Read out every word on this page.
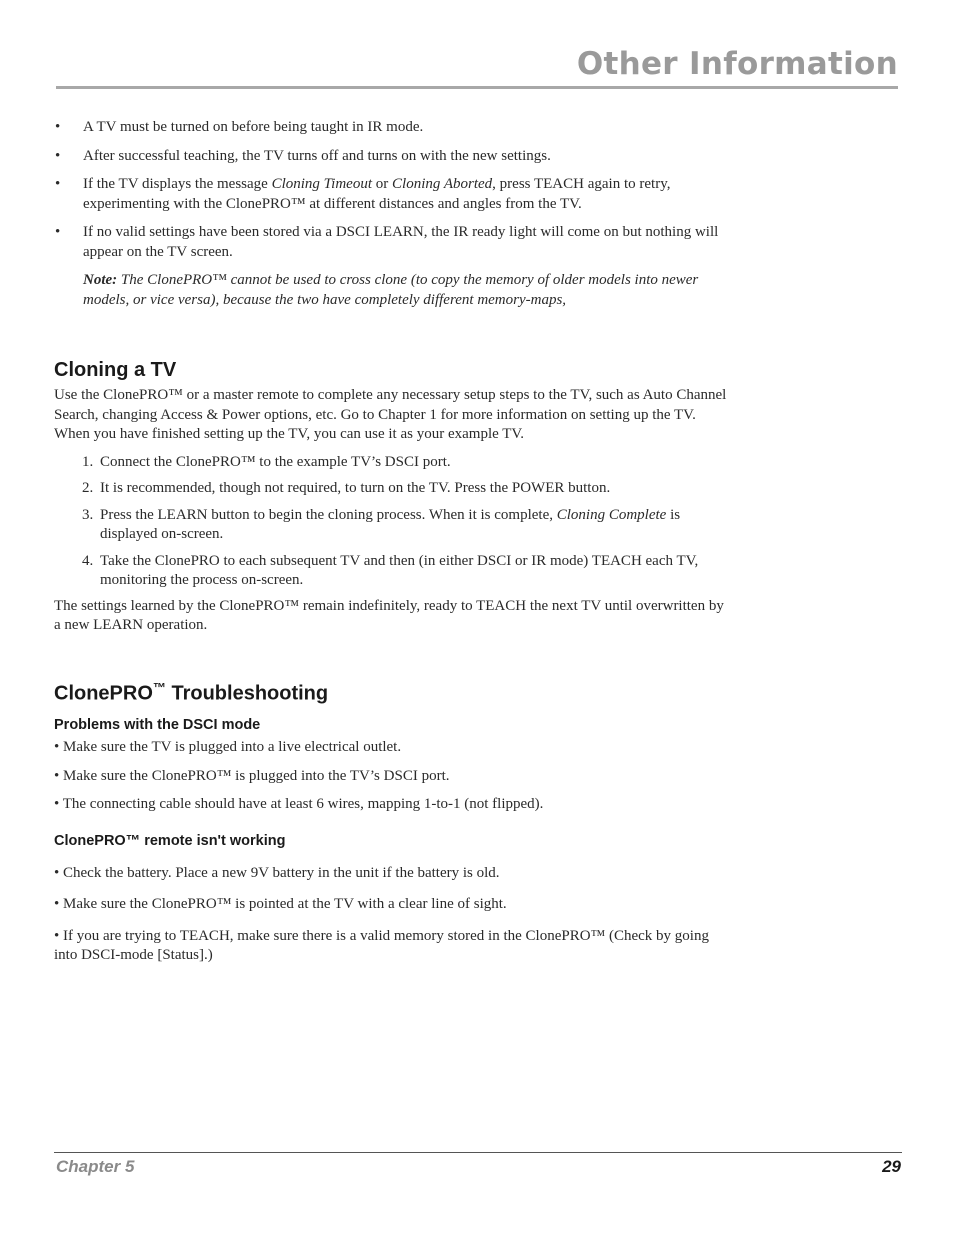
Other Information
• A TV must be turned on before being taught in IR mode.
• After successful teaching, the TV turns off and turns on with the new settings.
• If the TV displays the message Cloning Timeout or Cloning Aborted, press TEACH again to retry, experimenting with the ClonePRO™ at different distances and angles from the TV.
• If no valid settings have been stored via a DSCI LEARN, the IR ready light will come on but nothing will appear on the TV screen.
Note: The ClonePRO™ cannot be used to cross clone (to copy the memory of older models into newer models, or vice versa), because the two have completely different memory-maps,
Cloning a TV

Use the ClonePRO™ or a master remote to complete any necessary setup steps to the TV, such as Auto Channel Search, changing Access & Power options, etc. Go to Chapter 1 for more information on setting up the TV. When you have finished setting up the TV, you can use it as your example TV.

1. Connect the ClonePRO™ to the example TV’s DSCI port.
2. It is recommended, though not required, to turn on the TV. Press the POWER button.
3. Press the LEARN button to begin the cloning process. When it is complete, Cloning Complete is displayed on-screen.
4. Take the ClonePRO to each subsequent TV and then (in either DSCI or IR mode) TEACH each TV, monitoring the process on-screen.

The settings learned by the ClonePRO™ remain indefinitely, ready to TEACH the next TV until overwritten by a new LEARN operation.

ClonePRO™ Troubleshooting
Problems with the DSCI mode

• Make sure the TV is plugged into a live electrical outlet.

• Make sure the ClonePRO™ is plugged into the TV’s DSCI port.

• The connecting cable should have at least 6 wires, mapping 1-to-1 (not flipped).

ClonePRO™ remote isn't working

• Check the battery. Place a new 9V battery in the unit if the battery is old.

• Make sure the ClonePRO™ is pointed at the TV with a clear line of sight.

• If you are trying to TEACH, make sure there is a valid memory stored in the ClonePRO™ (Check by going into DSCI-mode [Status].)

Chapter 5	29
